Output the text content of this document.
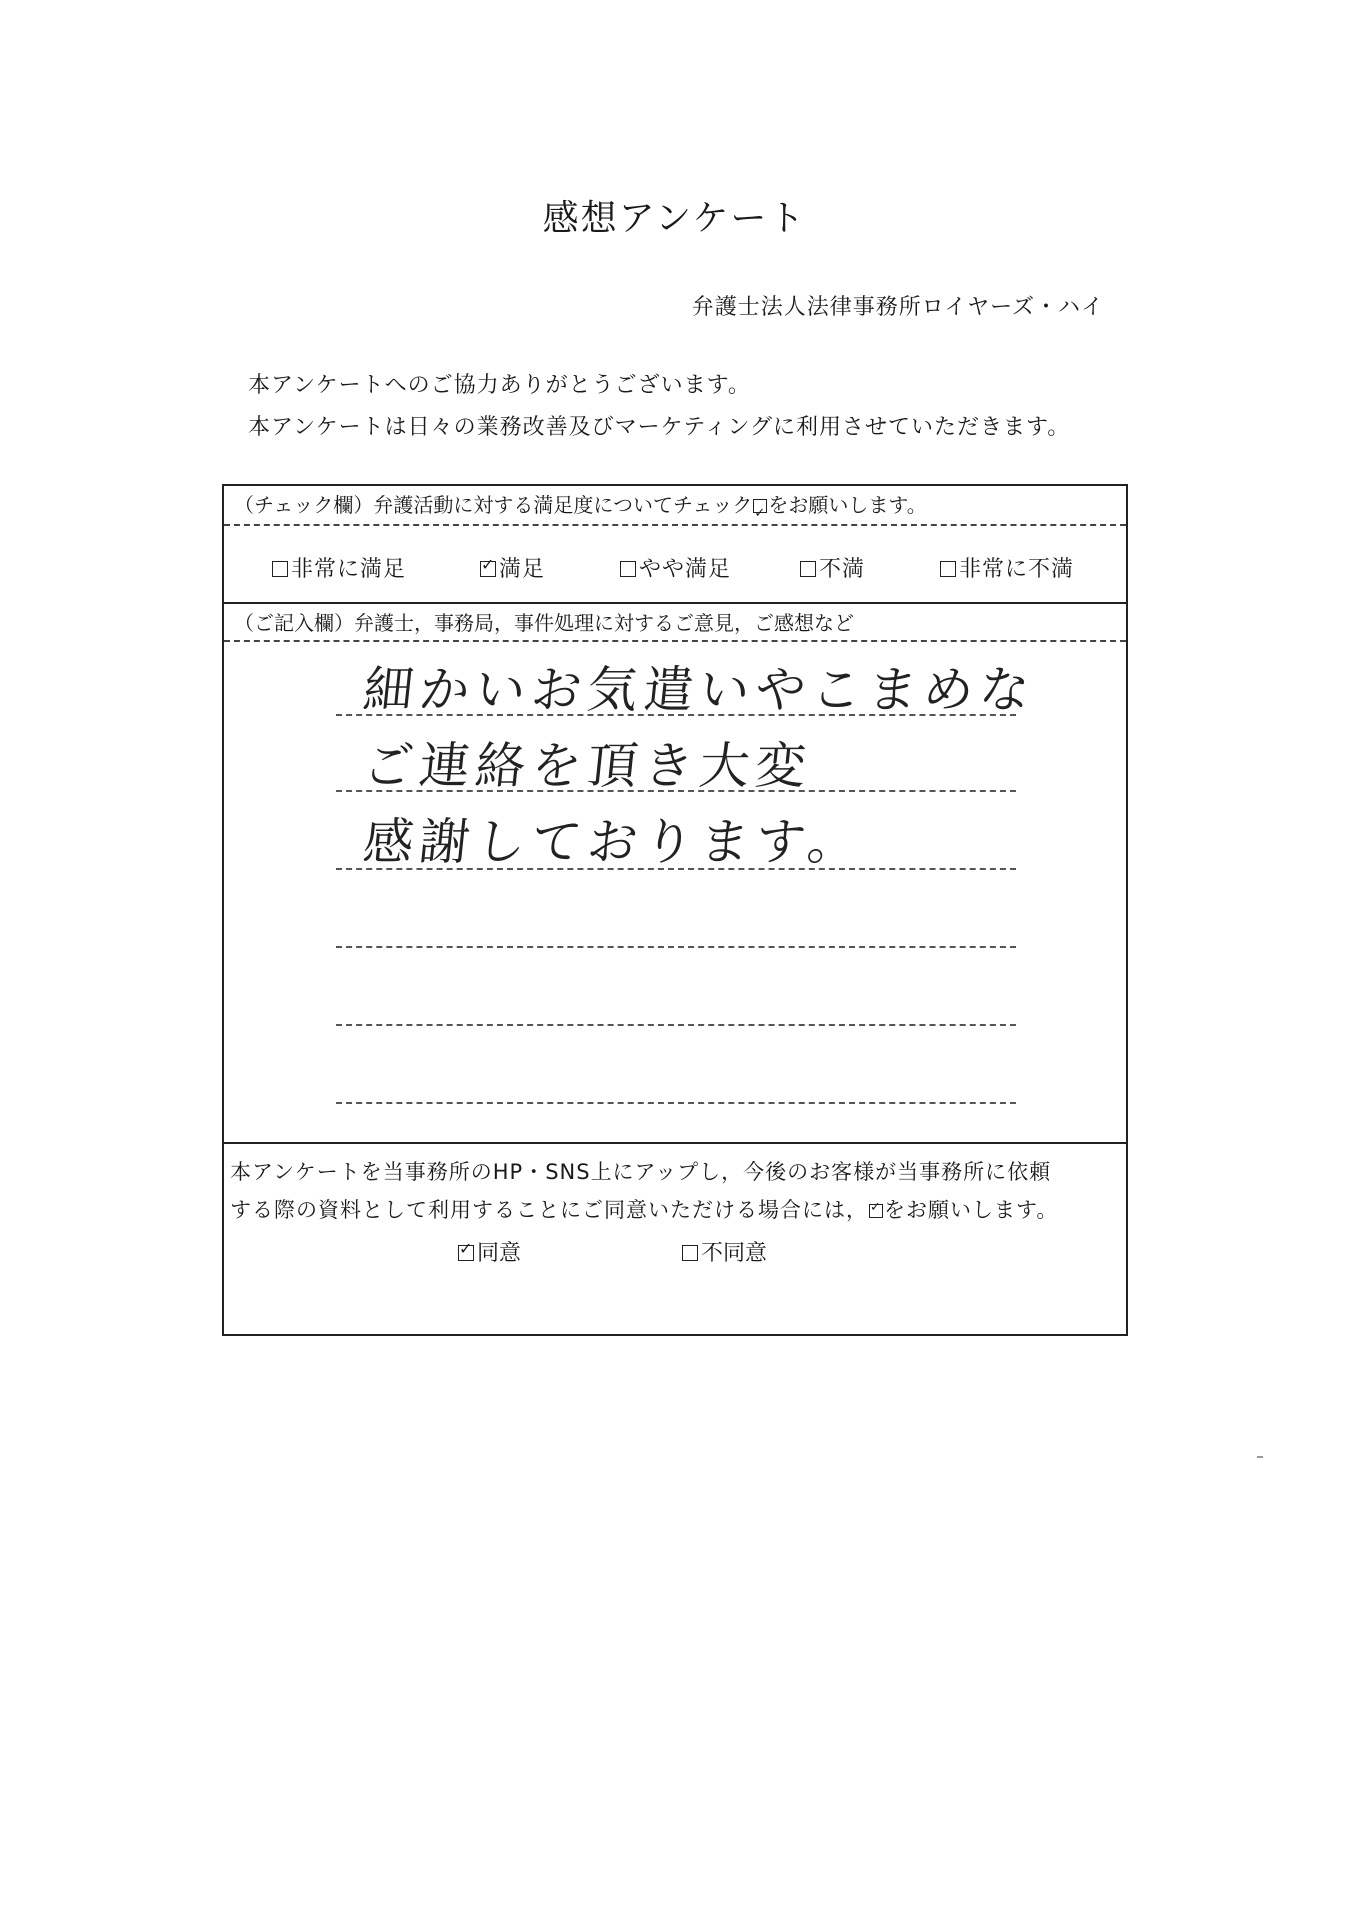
感想アンケート
弁護士法人法律事務所ロイヤーズ・ハイ
本アンケートへのご協力ありがとうございます。
本アンケートは日々の業務改善及びマーケティングに利用させていただきます。
（チェック欄）弁護活動に対する満足度についてチェック ✓ をお願いします。
非常に満足 ✓	満足	やや満足	不満	非常に不満
（ご記入欄）弁護士，事務局，事件処理に対するご意見，ご感想など
細かいお気遣いやこまめな
ご連絡を頂き大変
感謝しております。
本アンケートを当事務所のHP・SNS上にアップし，今後のお客様が当事務所に依頼
する際の資料として利用することにご同意いただける場合には， ✓ をお願いします。
✓同意	不同意
